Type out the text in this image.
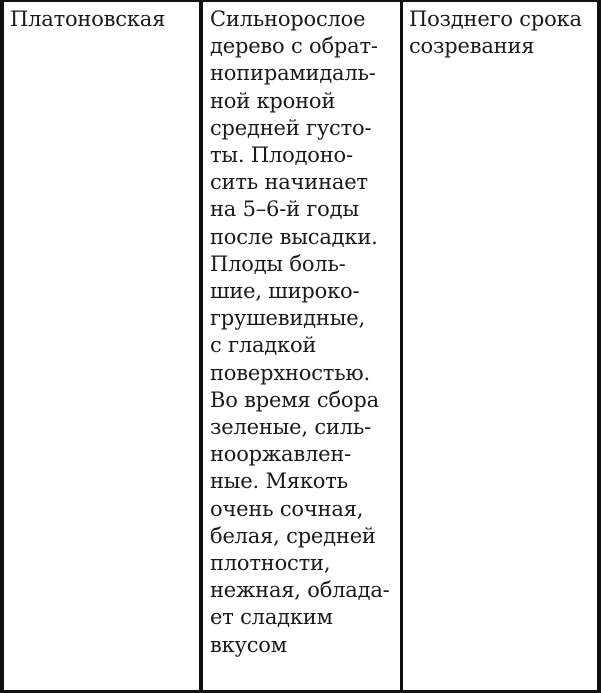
Платоновская	Сильнорослое
дерево с обрат-
нопирамидаль-
ной кроной
средней густо-
ты. Плодоно-
сить начинает
на 5–6-й годы
после высадки.
Плоды боль-
шие, широко-
грушевидные,
с гладкой
поверхностью.
Во время сбора
зеленые, силь-
нооржавлен-
ные. Мякоть
очень сочная,
белая, средней
плотности,
нежная, облада-
ет сладким
вкусом
Позднего срока
созревания
